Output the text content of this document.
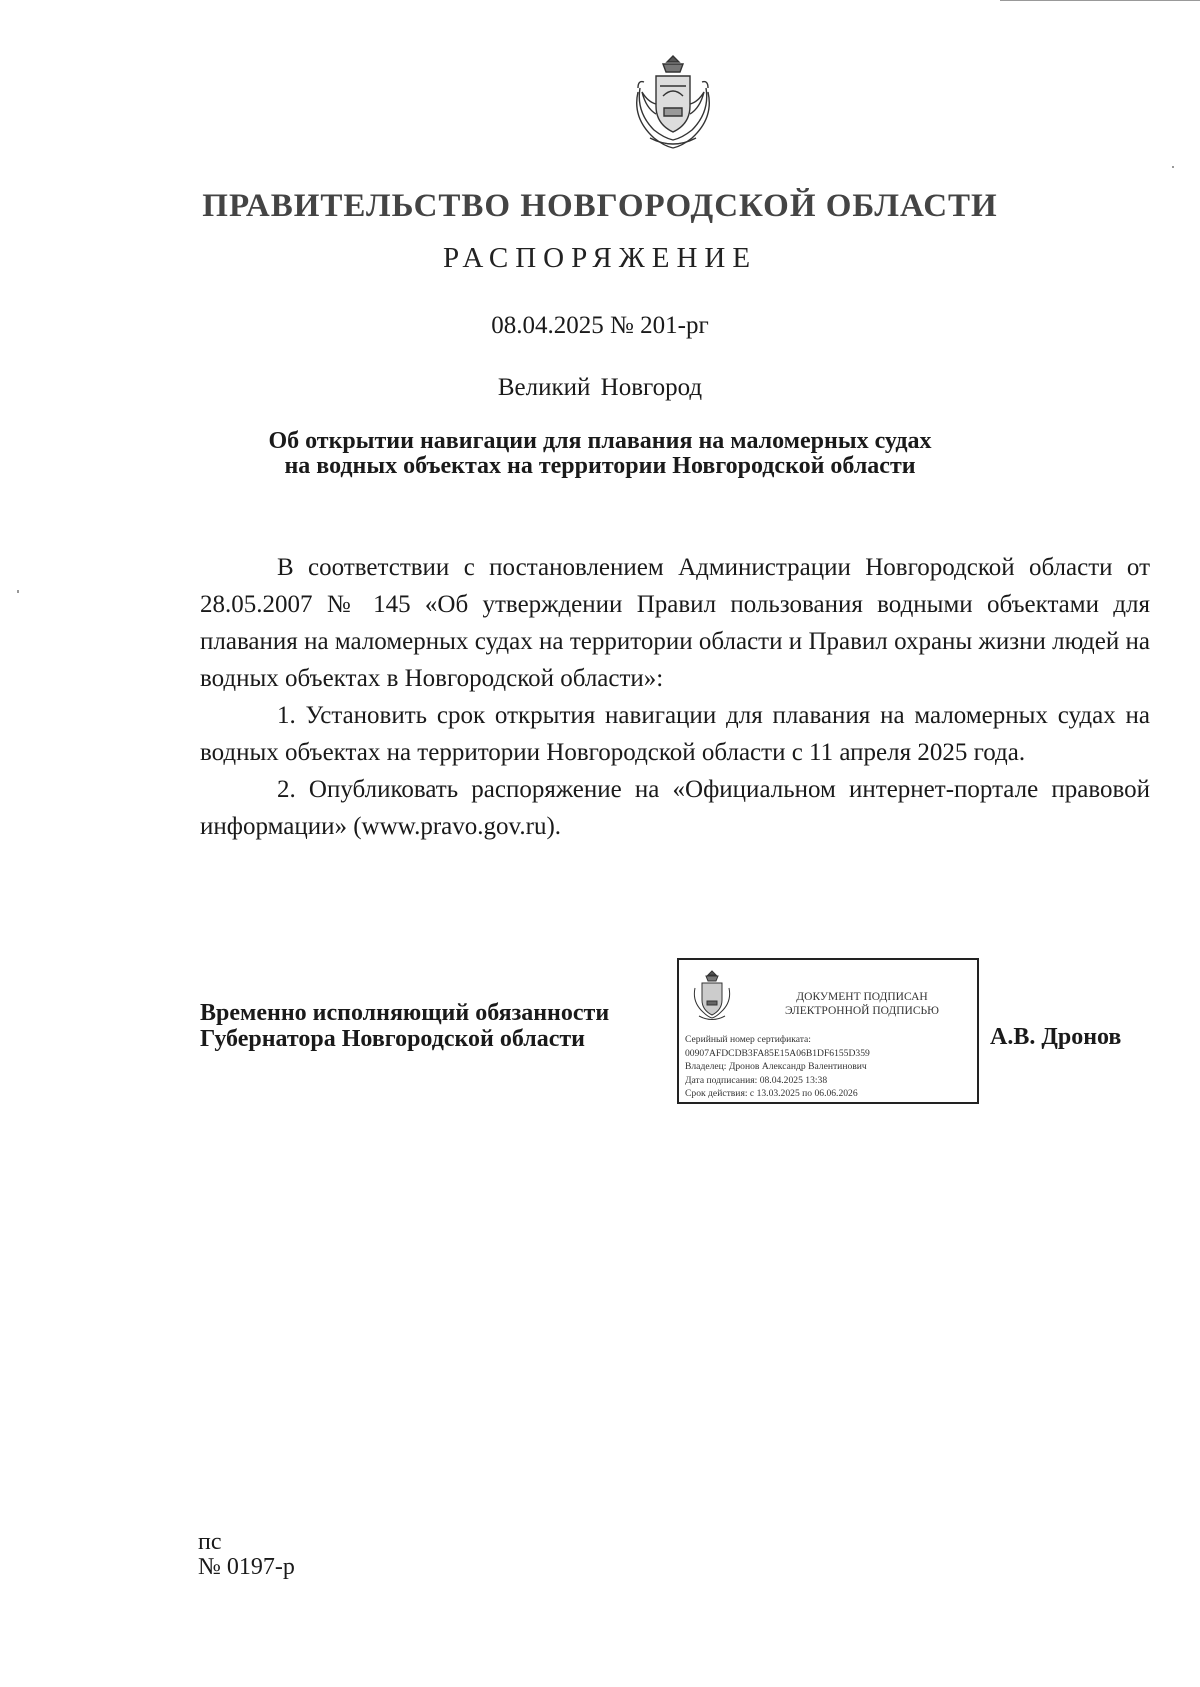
ПРАВИТЕЛЬСТВО НОВГОРОДСКОЙ ОБЛАСТИ
РАСПОРЯЖЕНИЕ
08.04.2025 № 201-рг
Великий Новгород
Об открытии навигации для плавания на маломерных судах
на водных объектах на территории Новгородской области

В соответствии с постановлением Администрации Новгородской области от 28.05.2007 № 145 «Об утверждении Правил пользования водными объектами для плавания на маломерных судах на территории области и Правил охраны жизни людей на водных объектах в Новгородской области»:

1. Установить срок открытия навигации для плавания на маломерных судах на водных объектах на территории Новгородской области с 11 апреля 2025 года.

2. Опубликовать распоряжение на «Официальном интернет-портале правовой информации» (www.pravo.gov.ru).

Временно исполняющий обязанности
Губернатора Новгородской области
ДОКУМЕНТ ПОДПИСАН
ЭЛЕКТРОННОЙ ПОДПИСЬЮ
Серийный номер сертификата:
00907AFDCDB3FA85E15A06B1DF6155D359
Владелец: Дронов Александр Валентинович
Дата подписания: 08.04.2025 13:38
Срок действия: с 13.03.2025 по 06.06.2026
А.В. Дронов
пс
№ 0197-р
